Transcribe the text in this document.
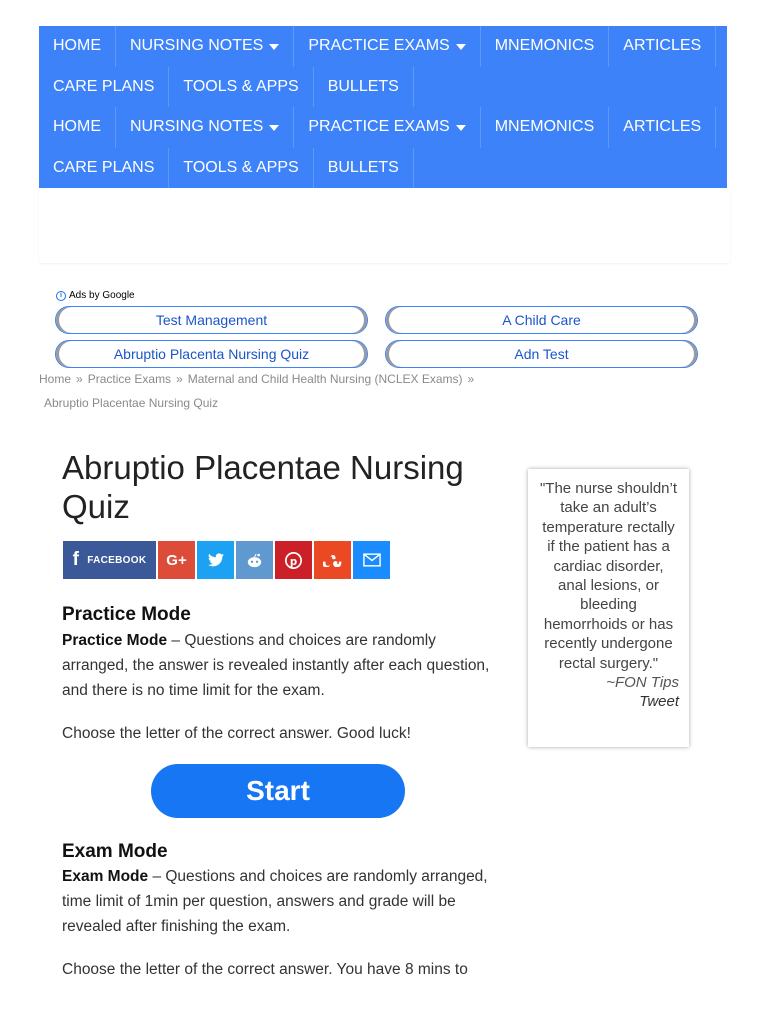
HOME NURSING NOTES	PRACTICE EXAMS	MNEMONICS ARTICLES
CARE PLANS TOOLS & APPS BULLETS
HOME NURSING NOTES	PRACTICE EXAMS	MNEMONICS ARTICLES
CARE PLANS TOOLS & APPS BULLETS
i Ads by Google
Test Management	A Child Care
Abruptio Placenta Nursing Quiz	Adn Test
Home » Practice Exams » Maternal and Child Health Nursing (NCLEX Exams) »
Abruptio Placentae Nursing Quiz
Abruptio Placentae Nursing Quiz
f FACEBOOK G+	p
Practice Mode
Practice Mode – Questions and choices are randomly arranged, the answer is revealed instantly after each question, and there is no time limit for the exam.
Choose the letter of the correct answer. Good luck!
Start
Exam Mode
Exam Mode – Questions and choices are randomly arranged, time limit of 1min per question, answers and grade will be revealed after finishing the exam.
Choose the letter of the correct answer. You have 8 mins to
"The nurse shouldn’t take an adult’s temperature rectally if the patient has a cardiac disorder, anal lesions, or bleeding hemorrhoids or has recently undergone rectal surgery."
~FON Tips
Tweet
